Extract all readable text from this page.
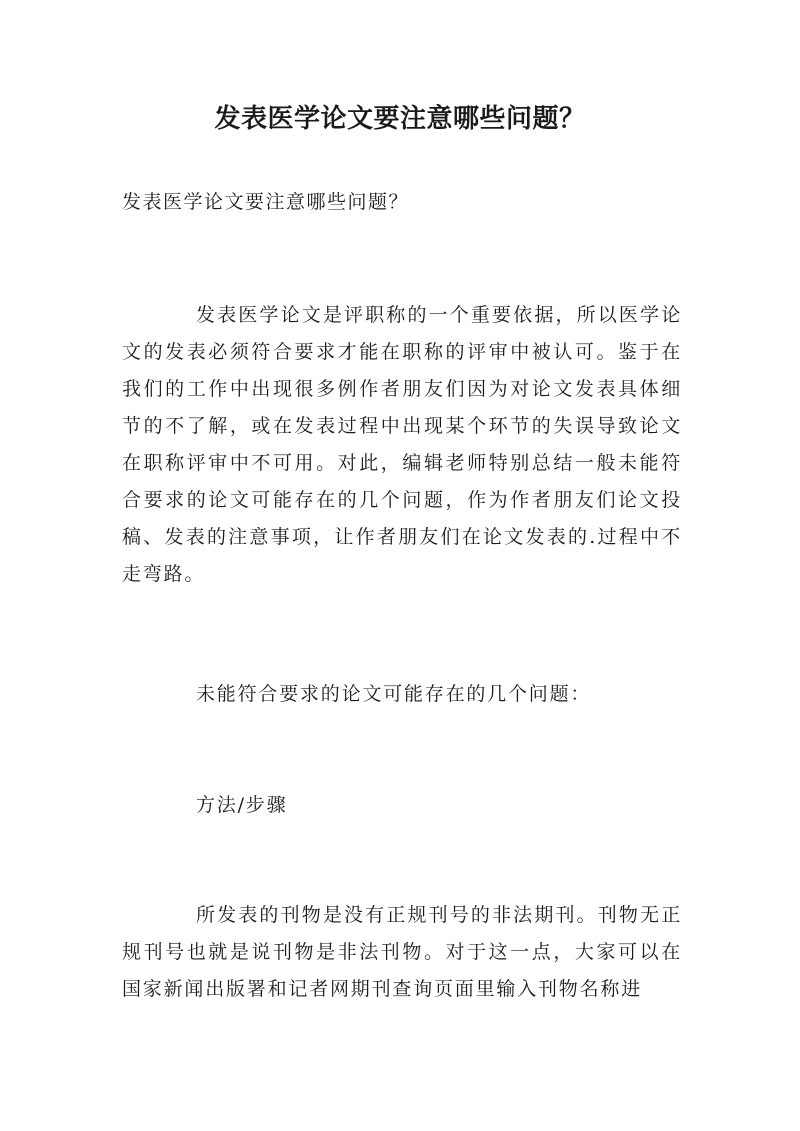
发表医学论文要注意哪些问题？

发表医学论文要注意哪些问题？

发表医学论文是评职称的一个重要依据，所以医学论文的发表必须符合要求才能在职称的评审中被认可。鉴于在我们的工作中出现很多例作者朋友们因为对论文发表具体细节的不了解，或在发表过程中出现某个环节的失误导致论文在职称评审中不可用。对此，编辑老师特别总结一般未能符合要求的论文可能存在的几个问题，作为作者朋友们论文投稿、发表的注意事项，让作者朋友们在论文发表的.过程中不走弯路。

未能符合要求的论文可能存在的几个问题：

方法/步骤

所发表的刊物是没有正规刊号的非法期刊。刊物无正规刊号也就是说刊物是非法刊物。对于这一点，大家可以在国家新闻出版署和记者网期刊查询页面里输入刊物名称进
